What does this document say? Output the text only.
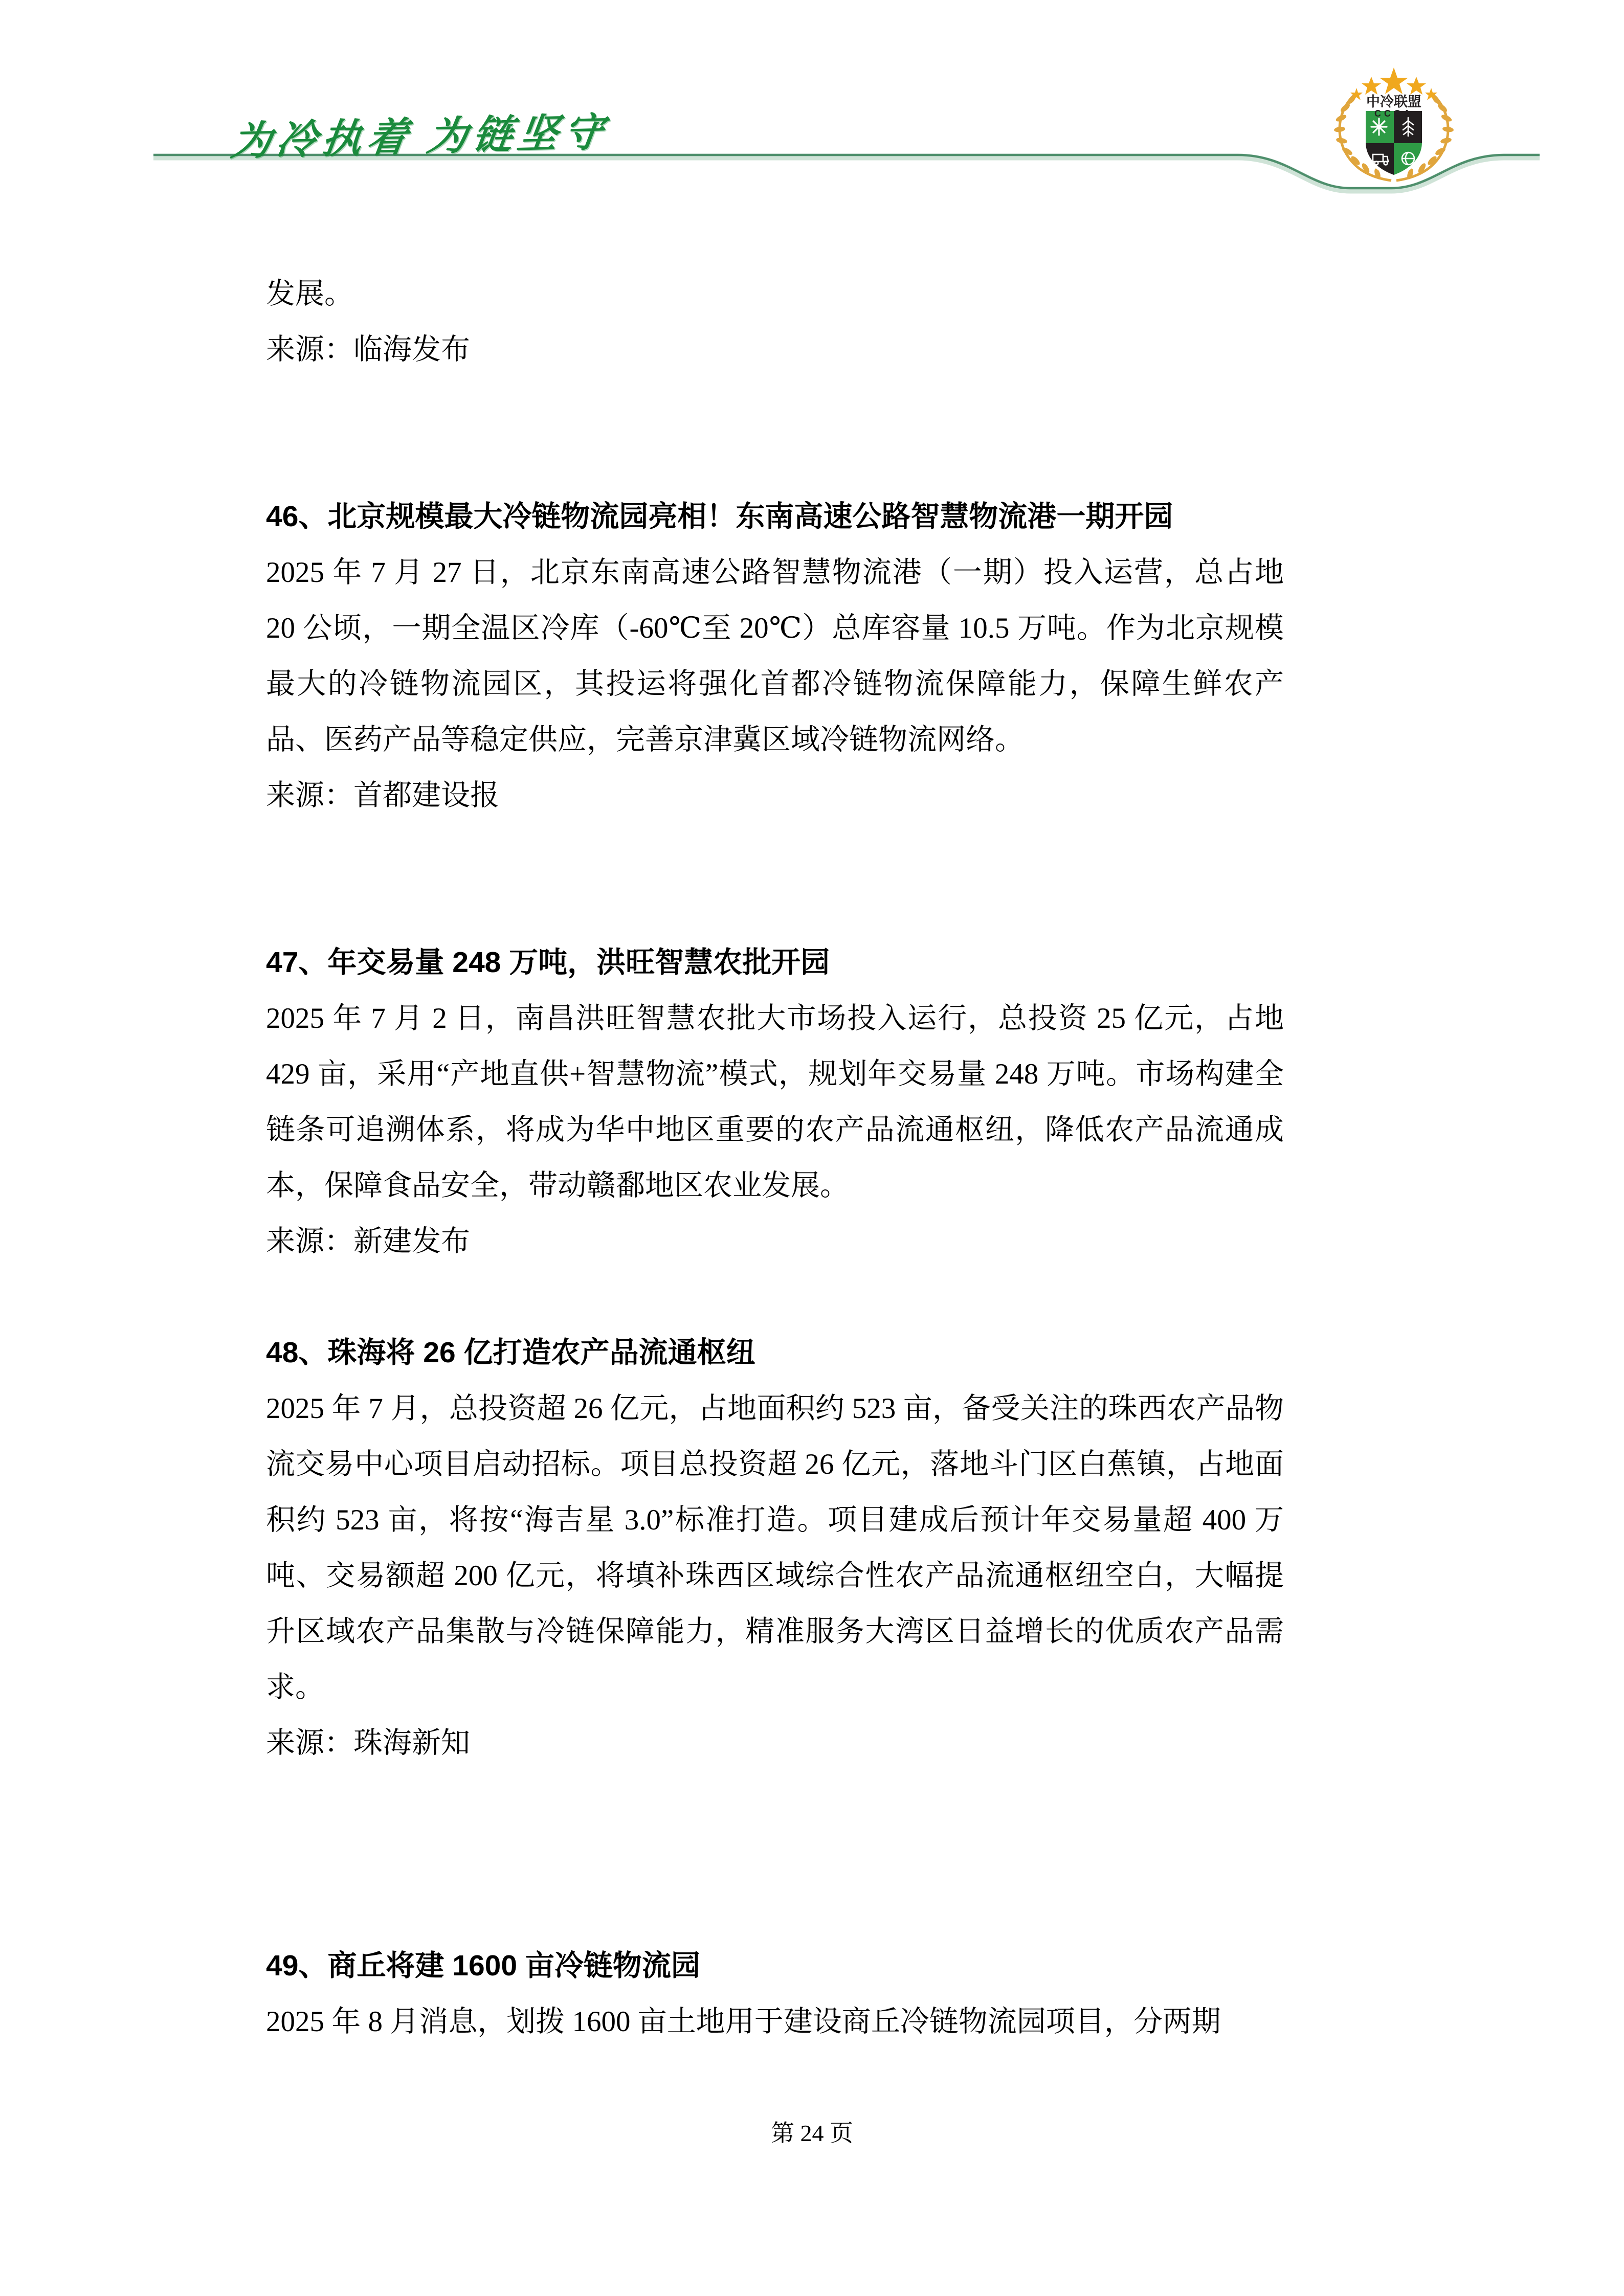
为冷执着 为链坚守
中冷联盟
CCCA

发展。

来源：临海发布

46、北京规模最大冷链物流园亮相！东南高速公路智慧物流港一期开园

2025 年 7 月 27 日，北京东南高速公路智慧物流港（一期）投入运营，总占地 20 公顷，一期全温区冷库（-60℃至 20℃）总库容量 10.5 万吨。作为北京规模最大的冷链物流园区，其投运将强化首都冷链物流保障能力，保障生鲜农产品、医药产品等稳定供应，完善京津冀区域冷链物流网络。

来源：首都建设报

47、年交易量 248 万吨，洪旺智慧农批开园

2025 年 7 月 2 日，南昌洪旺智慧农批大市场投入运行，总投资 25 亿元，占地 429 亩，采用“产地直供+智慧物流”模式，规划年交易量 248 万吨。市场构建全链条可追溯体系，将成为华中地区重要的农产品流通枢纽，降低农产品流通成本，保障食品安全，带动赣鄱地区农业发展。

来源：新建发布

48、珠海将 26 亿打造农产品流通枢纽

2025 年 7 月，总投资超 26 亿元，占地面积约 523 亩，备受关注的珠西农产品物流交易中心项目启动招标。项目总投资超 26 亿元，落地斗门区白蕉镇，占地面积约 523 亩，将按“海吉星 3.0”标准打造。项目建成后预计年交易量超 400 万吨、交易额超 200 亿元，将填补珠西区域综合性农产品流通枢纽空白，大幅提升区域农产品集散与冷链保障能力，精准服务大湾区日益增长的优质农产品需求。

来源：珠海新知

49、商丘将建 1600 亩冷链物流园

2025 年 8 月消息，划拨 1600 亩土地用于建设商丘冷链物流园项目，分两期

第 24 页
